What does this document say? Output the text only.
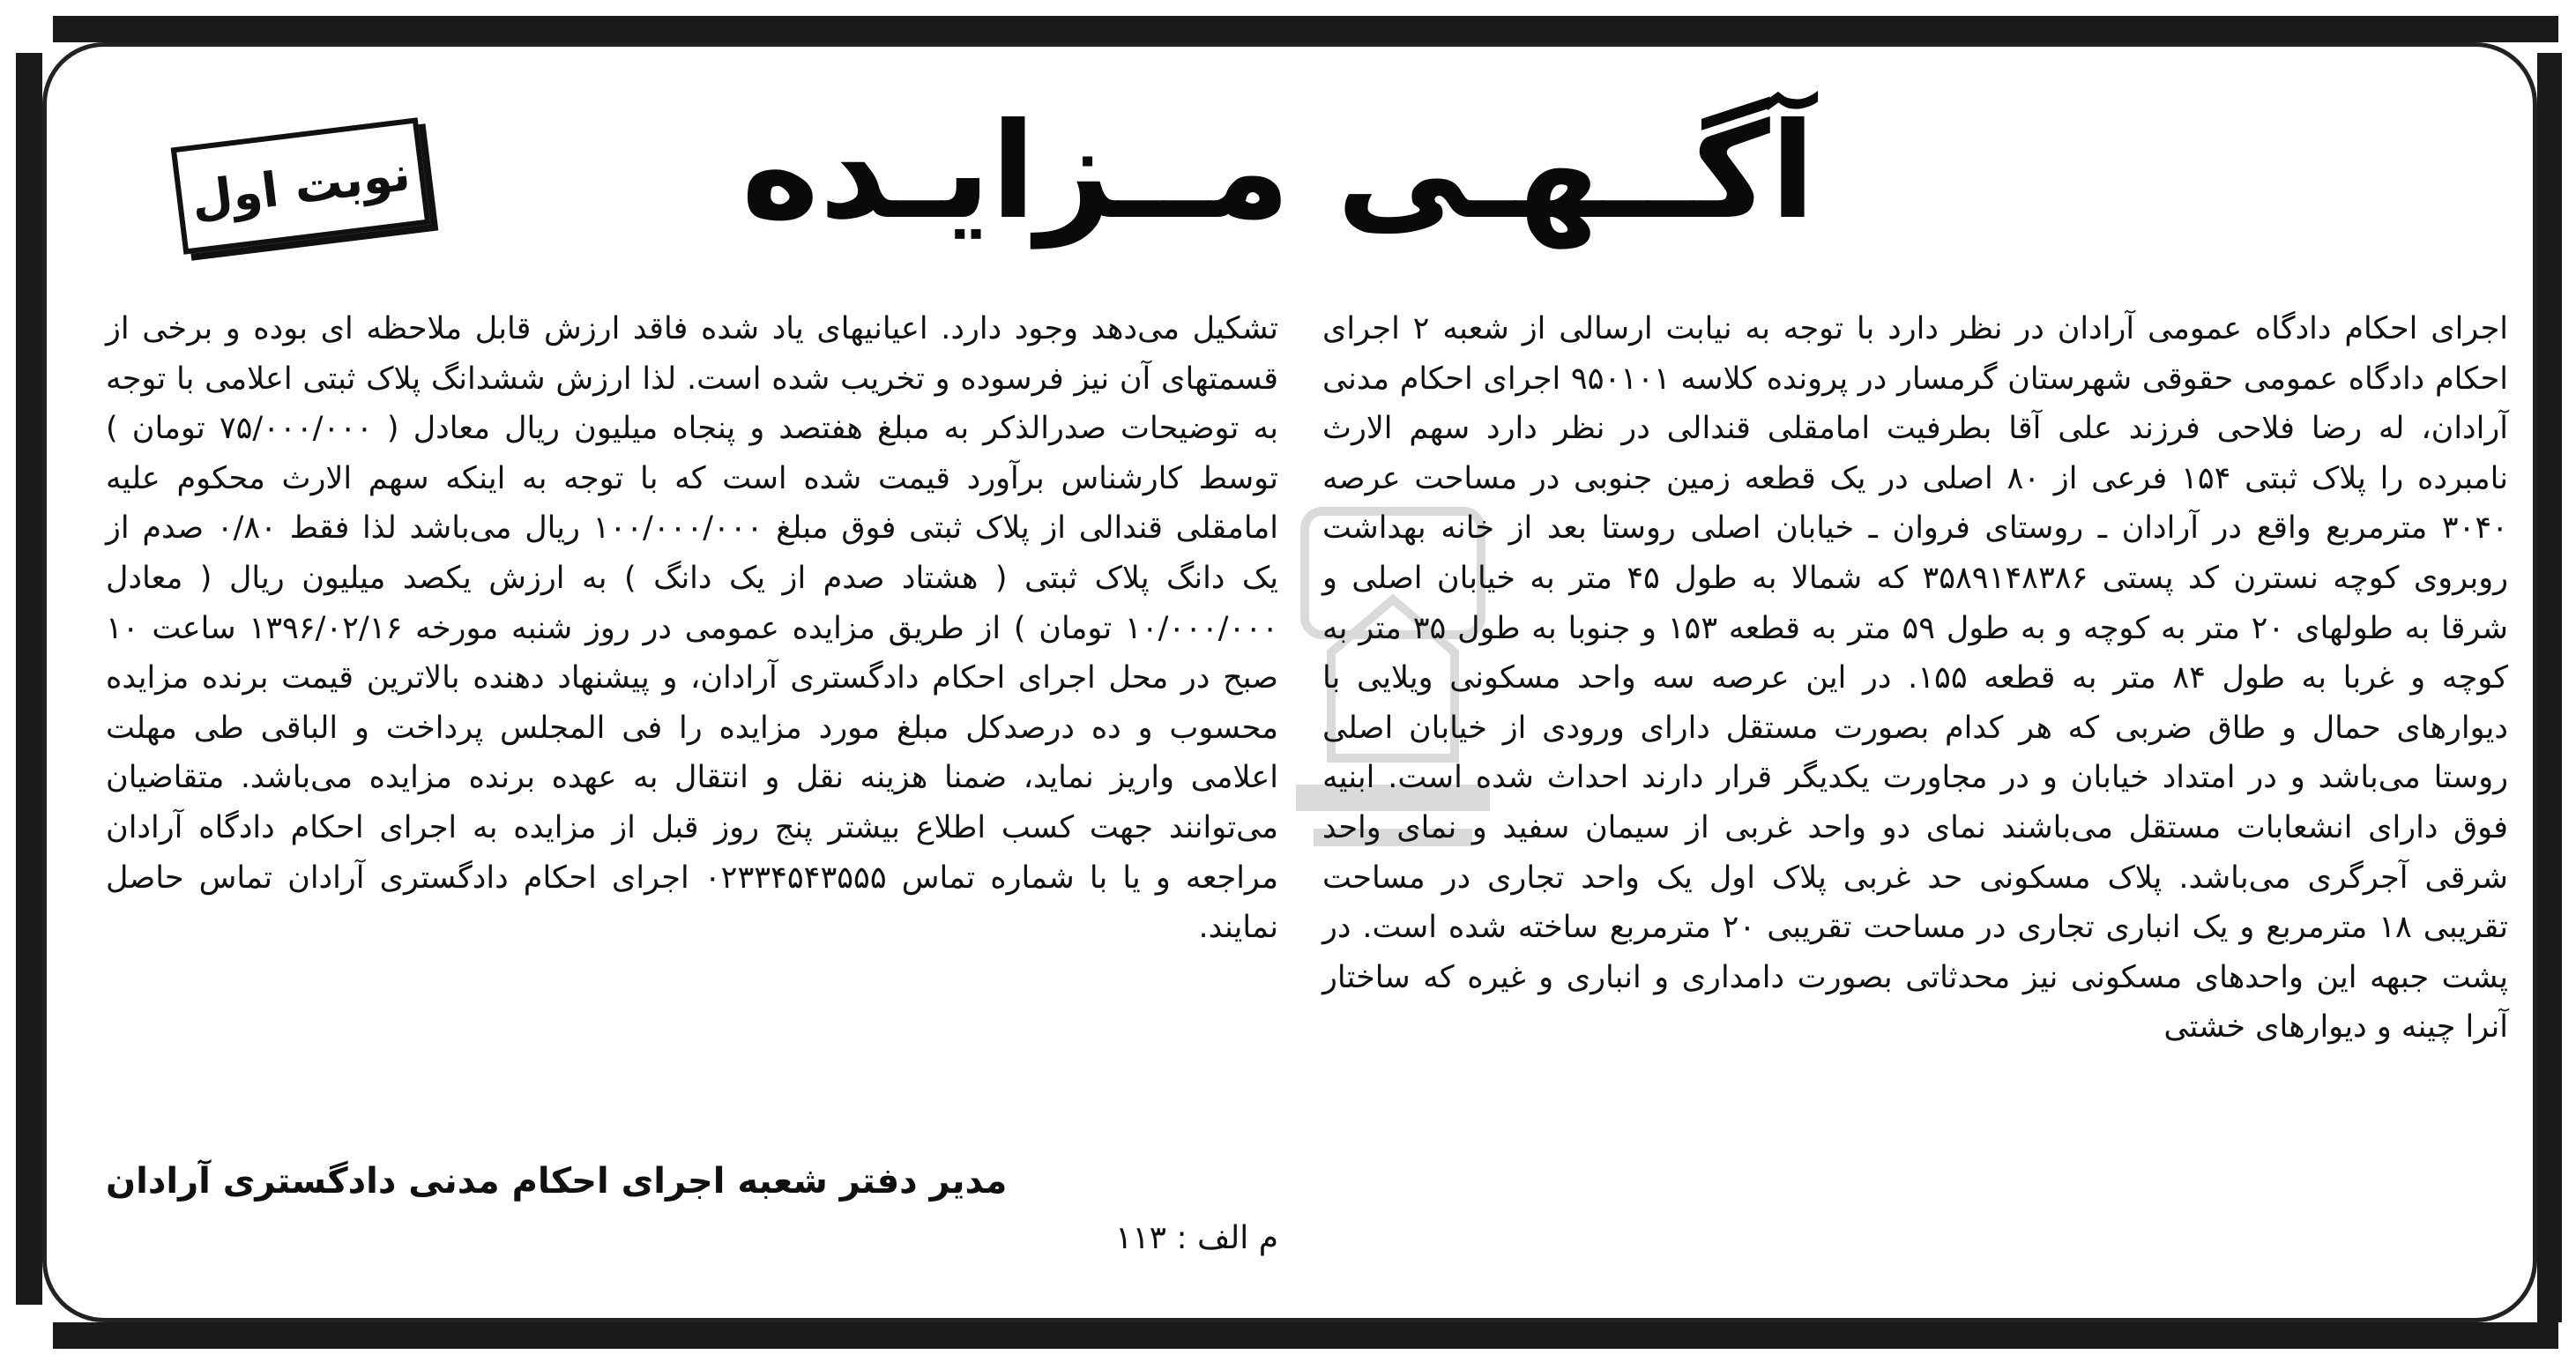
آگــهـی مــزایـده
نوبت اول

اجرای احکام دادگاه عمومی آرادان در نظر دارد با توجه به نیابت ارسالی از شعبه ۲ اجرای احکام دادگاه عمومی حقوقی شهرستان گرمسار در پرونده کلاسه ۹۵۰۱۰۱ اجرای احکام مدنی آرادان، له رضا فلاحی فرزند علی آقا بطرفیت امامقلی قندالی در نظر دارد سهم الارث نامبرده را پلاک ثبتی ۱۵۴ فرعی از ۸۰ اصلی در یک قطعه زمین جنوبی در مساحت عرصه ۳۰۴۰ مترمربع واقع در آرادان ـ روستای فروان ـ خیابان اصلی روستا بعد از خانه بهداشت روبروی کوچه نسترن کد پستی ۳۵۸۹۱۴۸۳۸۶ که شمالا به طول ۴۵ متر به خیابان اصلی و شرقا به طولهای ۲۰ متر به کوچه و به طول ۵۹ متر به قطعه ۱۵۳ و جنوبا به طول ۳۵ متر به کوچه و غربا به طول ۸۴ متر به قطعه ۱۵۵. در این عرصه سه واحد مسکونی ویلایی با دیوارهای حمال و طاق ضربی که هر کدام بصورت مستقل دارای ورودی از خیابان اصلی روستا می‌باشد و در امتداد خیابان و در مجاورت یکدیگر قرار دارند احداث شده است. ابنیه فوق دارای انشعابات مستقل می‌باشند نمای دو واحد غربی از سیمان سفید و نمای واحد شرقی آجرگری می‌باشد. پلاک مسکونی حد غربی پلاک اول یک واحد تجاری در مساحت تقریبی ۱۸ مترمربع و یک انباری تجاری در مساحت تقریبی ۲۰ مترمربع ساخته شده است. در پشت جبهه این واحدهای مسکونی نیز محدثاتی بصورت دامداری و انباری و غیره که ساختار آنرا چینه و دیوارهای خشتی

تشکیل می‌دهد وجود دارد. اعیانیهای یاد شده فاقد ارزش قابل ملاحظه ای بوده و برخی از قسمتهای آن نیز فرسوده و تخریب شده است. لذا ارزش ششدانگ پلاک ثبتی اعلامی با توجه به توضیحات صدرالذکر به مبلغ هفتصد و پنجاه میلیون ریال معادل ( ۷۵/۰۰۰/۰۰۰ تومان ) توسط کارشناس برآورد قیمت شده است که با توجه به اینکه سهم الارث محکوم علیه امامقلی قندالی از پلاک ثبتی فوق مبلغ ۱۰۰/۰۰۰/۰۰۰ ریال می‌باشد لذا فقط ۰/۸۰ صدم از یک دانگ پلاک ثبتی ( هشتاد صدم از یک دانگ ) به ارزش یکصد میلیون ریال ( معادل ۱۰/۰۰۰/۰۰۰ تومان ) از طریق مزایده عمومی در روز شنبه مورخه ۱۳۹۶/۰۲/۱۶ ساعت ۱۰ صبح در محل اجرای احکام دادگستری آرادان، و پیشنهاد دهنده بالاترین قیمت برنده مزایده محسوب و ده درصدکل مبلغ مورد مزایده را فی المجلس پرداخت و الباقی طی مهلت اعلامی واریز نماید، ضمنا هزینه نقل و انتقال به عهده برنده مزایده می‌باشد. متقاضیان می‌توانند جهت کسب اطلاع بیشتر پنج روز قبل از مزایده به اجرای احکام دادگاه آرادان مراجعه و یا با شماره تماس ۰۲۳۳۴۵۴۳۵۵۵ اجرای احکام دادگستری آرادان تماس حاصل نمایند.

مدیر دفتر شعبه اجرای احکام مدنی دادگستری آرادان
م الف : ۱۱۳
